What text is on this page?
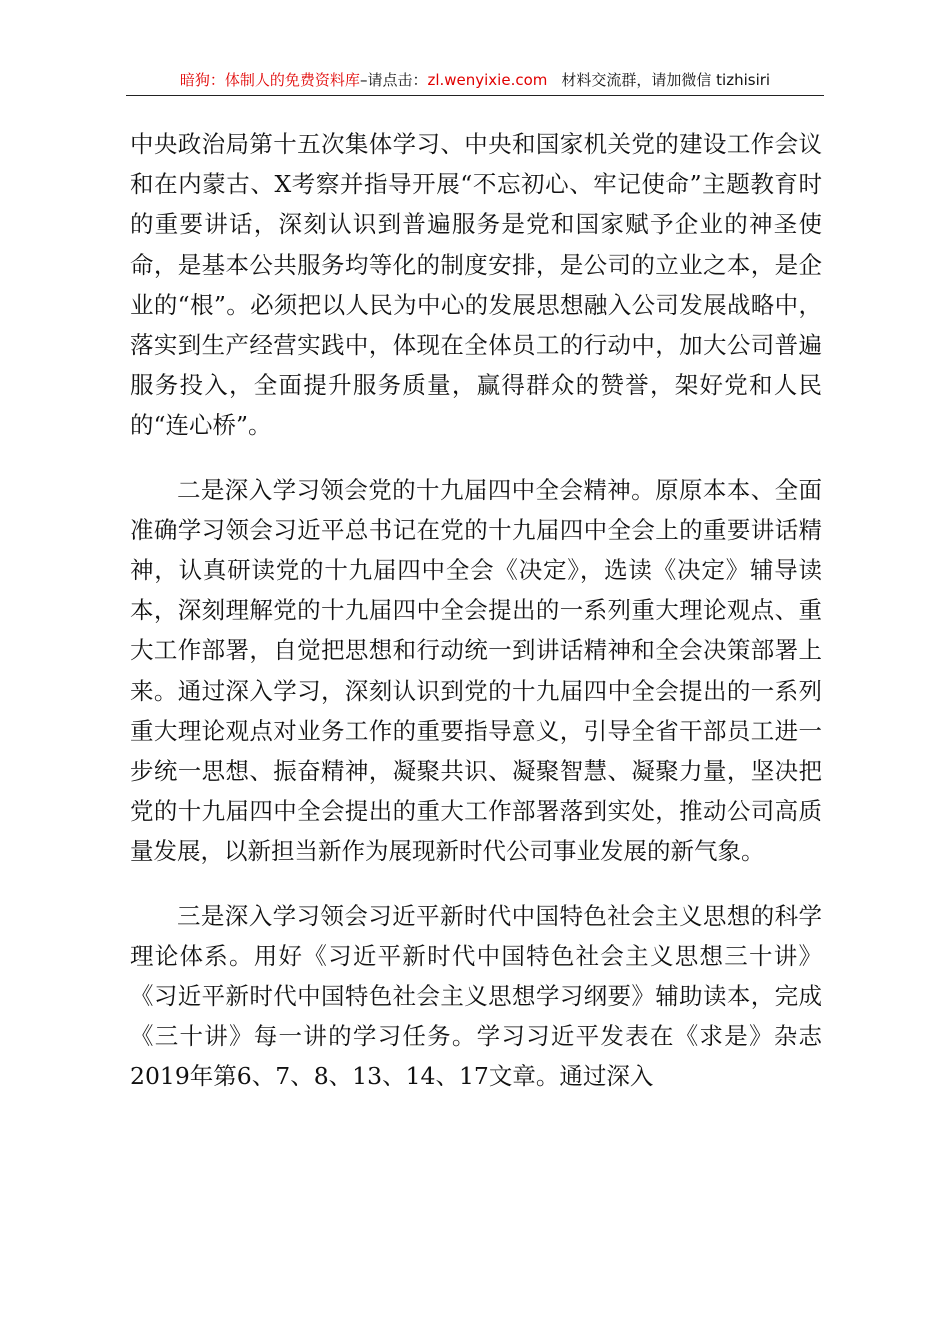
暗狗：体制人的免费资料库–请点击：zl.wenyixie.com 材料交流群，请加微信 tizhisiri

中央政治局第十五次集体学习、中央和国家机关党的建设工作会议和在内蒙古、X考察并指导开展“不忘初心、牢记使命”主题教育时的重要讲话，深刻认识到普遍服务是党和国家赋予企业的神圣使命，是基本公共服务均等化的制度安排，是公司的立业之本，是企业的“根”。必须把以人民为中心的发展思想融入公司发展战略中，落实到生产经营实践中，体现在全体员工的行动中，加大公司普遍服务投入，全面提升服务质量，赢得群众的赞誉，架好党和人民的“连心桥”。

二是深入学习领会党的十九届四中全会精神。原原本本、全面准确学习领会习近平总书记在党的十九届四中全会上的重要讲话精神，认真研读党的十九届四中全会《决定》，选读《决定》辅导读本，深刻理解党的十九届四中全会提出的一系列重大理论观点、重大工作部署，自觉把思想和行动统一到讲话精神和全会决策部署上来。通过深入学习，深刻认识到党的十九届四中全会提出的一系列重大理论观点对业务工作的重要指导意义，引导全省干部员工进一步统一思想、振奋精神，凝聚共识、凝聚智慧、凝聚力量，坚决把党的十九届四中全会提出的重大工作部署落到实处，推动公司高质量发展，以新担当新作为展现新时代公司事业发展的新气象。

三是深入学习领会习近平新时代中国特色社会主义思想的科学理论体系。用好《习近平新时代中国特色社会主义思想三十讲》《习近平新时代中国特色社会主义思想学习纲要》辅助读本，完成《三十讲》每一讲的学习任务。学习习近平发表在《求是》杂志2019年第6、7、8、13、14、17文章。通过深入
